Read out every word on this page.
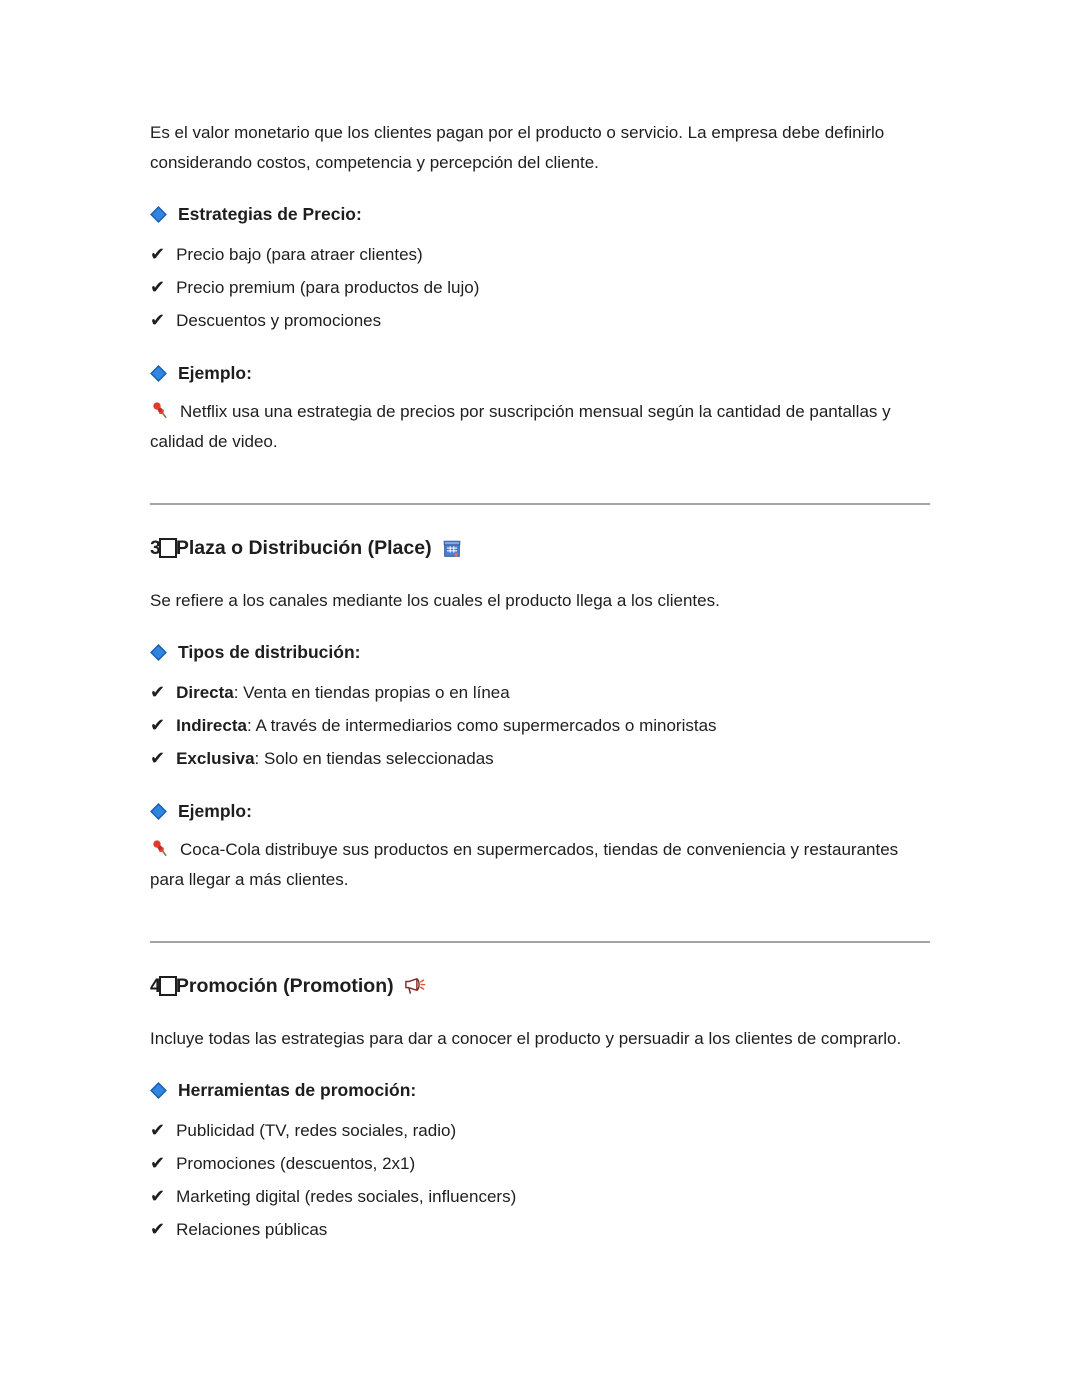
Es el valor monetario que los clientes pagan por el producto o servicio. La empresa debe definirlo considerando costos, competencia y percepción del cliente.

Estrategias de Precio:
✔ Precio bajo (para atraer clientes)
✔ Precio premium (para productos de lujo)
✔ Descuentos y promociones
Ejemplo:

Netflix usa una estrategia de precios por suscripción mensual según la cantidad de pantallas y calidad de video.

3 Plaza o Distribución (Place)

Se refiere a los canales mediante los cuales el producto llega a los clientes.

Tipos de distribución:
✔ Directa: Venta en tiendas propias o en línea
✔ Indirecta: A través de intermediarios como supermercados o minoristas
✔ Exclusiva: Solo en tiendas seleccionadas
Ejemplo:

Coca-Cola distribuye sus productos en supermercados, tiendas de conveniencia y restaurantes para llegar a más clientes.

4 Promoción (Promotion)

Incluye todas las estrategias para dar a conocer el producto y persuadir a los clientes de comprarlo.

Herramientas de promoción:
✔ Publicidad (TV, redes sociales, radio)
✔ Promociones (descuentos, 2x1)
✔ Marketing digital (redes sociales, influencers)
✔ Relaciones públicas
